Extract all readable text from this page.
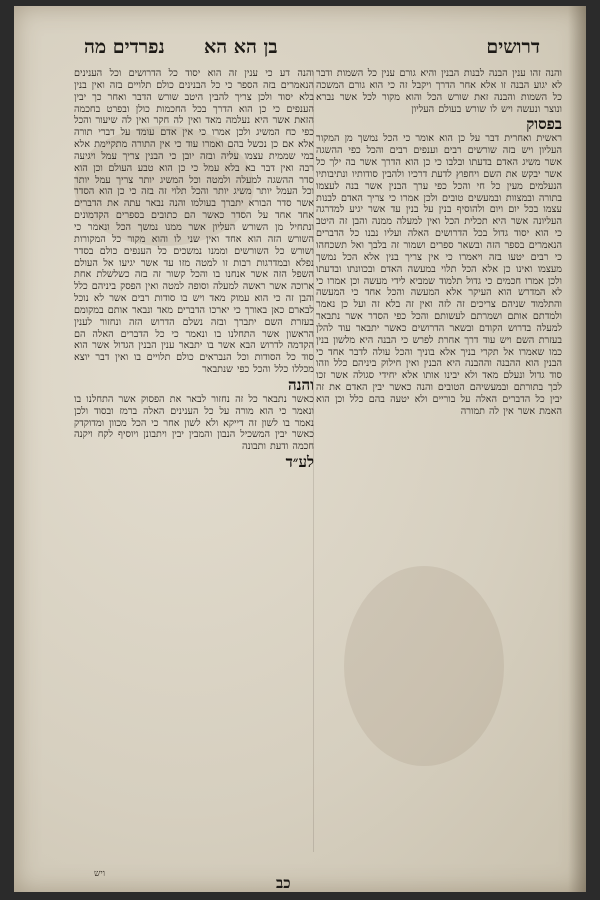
דרושים
בן הא הא
נפרדים מה

והנה זהו ענין הבנה לבנות הבנין והיא גורם ענין כל השמות ודבר לא יגוע הבנה זו אלא אחר הדרך ויקבל זה כי הוא גורם המשכה כל השמות והבנה זאת שורש הכל והוא מקור לכל אשר נברא ונוצר ונעשה ויש לו שורש בעולם העליון

בפסוק

ראשית ואחרית דבר על כן הוא אומר כי הכל נמשך מן המקור העליון ויש בזה שורשים רבים וענפים רבים והכל כפי ההשגה אשר משיג האדם בדעתו ובלבו כי כן הוא הדרך אשר בה ילך כל אשר יבקש את השם ויחפוץ לדעת דרכיו ולהבין סודותיו ונתיבותיו הנעלמים מעין כל חי והכל כפי ערך הבנין אשר בנה לעצמו בתורה ובמצוות ובמעשים טובים ולכן אמרו כי צריך האדם לבנות עצמו בכל יום ויום ולהוסיף בנין על בנין עד אשר יגיע למדרגה העליונה אשר היא תכלית הכל ואין למעלה ממנה והבן זה היטב כי הוא יסוד גדול בכל הדרושים האלה ועליו נבנו כל הדברים הנאמרים בספר הזה ובשאר ספרים ושמור זה בלבך ואל תשכחהו כי רבים יטעו בזה ויאמרו כי אין צריך בנין אלא הכל נמשך מעצמו ואינו כן אלא הכל תלוי במעשה האדם ובכוונתו ובדעתו ולכן אמרו חכמים כי גדול תלמוד שמביא לידי מעשה וכן אמרו כי לא המדרש הוא העיקר אלא המעשה והכל אחד כי המעשה והתלמוד שניהם צריכים זה לזה ואין זה בלא זה ועל כן נאמר ולמדתם אותם ושמרתם לעשותם והכל כפי הסדר אשר נתבאר למעלה בדרוש הקודם ובשאר הדרושים כאשר יתבאר עוד להלן בעזרת השם ויש עוד דרך אחרת לפרש כי הבנה היא מלשון בנין כמו שאמרו אל תקרי בניך אלא בוניך והכל עולה לדבר אחד כי הבנין הוא ההבנה וההבנה היא הבנין ואין חילוק ביניהם כלל וזהו סוד גדול ונעלם מאד ולא יבינו אותו אלא יחידי סגולה אשר זכו לכך בתורתם ובמעשיהם הטובים והנה כאשר יבין האדם את זה יבין כל הדברים האלה על בוריים ולא יטעה בהם כלל וכן הוא האמת אשר אין לה תמורה

והנה דע כי ענין זה הוא יסוד כל הדרושים וכל הענינים הנאמרים בזה הספר כי כל הבנינים כולם תלויים בזה ואין בנין בלא יסוד ולכן צריך להבין היטב שורש הדבר ואחר כך יבין הענפים כי כן הוא הדרך בכל החכמות כולן ובפרט בחכמה הזאת אשר היא נעלמה מאד ואין לה חקר ואין לה שיעור והכל כפי כח המשיג ולכן אמרו כי אין אדם עומד על דברי תורה אלא אם כן נכשל בהם ואמרו עוד כי אין התורה מתקיימת אלא במי שממית עצמו עליה ובזה יובן כי הבנין צריך עמל ויגיעה רבה ואין דבר בא בלא עמל כי כן הוא טבע העולם וכן הוא סדר ההשגה למעלה ולמטה וכל המשיג יותר צריך עמל יותר וכל העמל יותר משיג יותר והכל תלוי זה בזה כי כן הוא הסדר אשר סדר הבורא יתברך בעולמו והנה נבאר עתה את הדברים אחד אחד על הסדר כאשר הם כתובים בספרים הקדמונים ונתחיל מן השורש העליון אשר ממנו נמשך הכל ונאמר כי השורש הזה הוא אחד ואין שני לו והוא מקור כל המקורות ושורש כל השורשים וממנו נמשכים כל הענפים כולם בסדר נפלא ובמדרגות רבות זו למטה מזו עד אשר יגיעו אל העולם השפל הזה אשר אנחנו בו והכל קשור זה בזה כשלשלת אחת ארוכה אשר ראשה למעלה וסופה למטה ואין הפסק ביניהם כלל והבן זה כי הוא עמוק מאד ויש בו סודות רבים אשר לא נוכל לבארם כאן באורך כי יארכו הדברים מאד ונבאר אותם במקומם בעזרת השם יתברך ובזה נשלם הדרוש הזה ונחזור לענין הראשון אשר התחלנו בו ונאמר כי כל הדברים האלה הם הקדמה לדרוש הבא אשר בו יתבאר ענין הבנין הגדול אשר הוא סוד כל הסודות וכל הנבראים כולם תלויים בו ואין דבר יוצא מכללו כלל והכל כפי שנתבאר

והנה

כאשר נתבאר כל זה נחזור לבאר את הפסוק אשר התחלנו בו ונאמר כי הוא מורה על כל הענינים האלה ברמז ובסוד ולכן נאמר בו לשון זה דייקא ולא לשון אחר כי הכל מכוון ומדוקדק כאשר יבין המשכיל הנבון והמבין יבין ויתבונן ויוסיף לקח ויקנה חכמה ודעת ותבונה

לע״ד

ויש	כב
